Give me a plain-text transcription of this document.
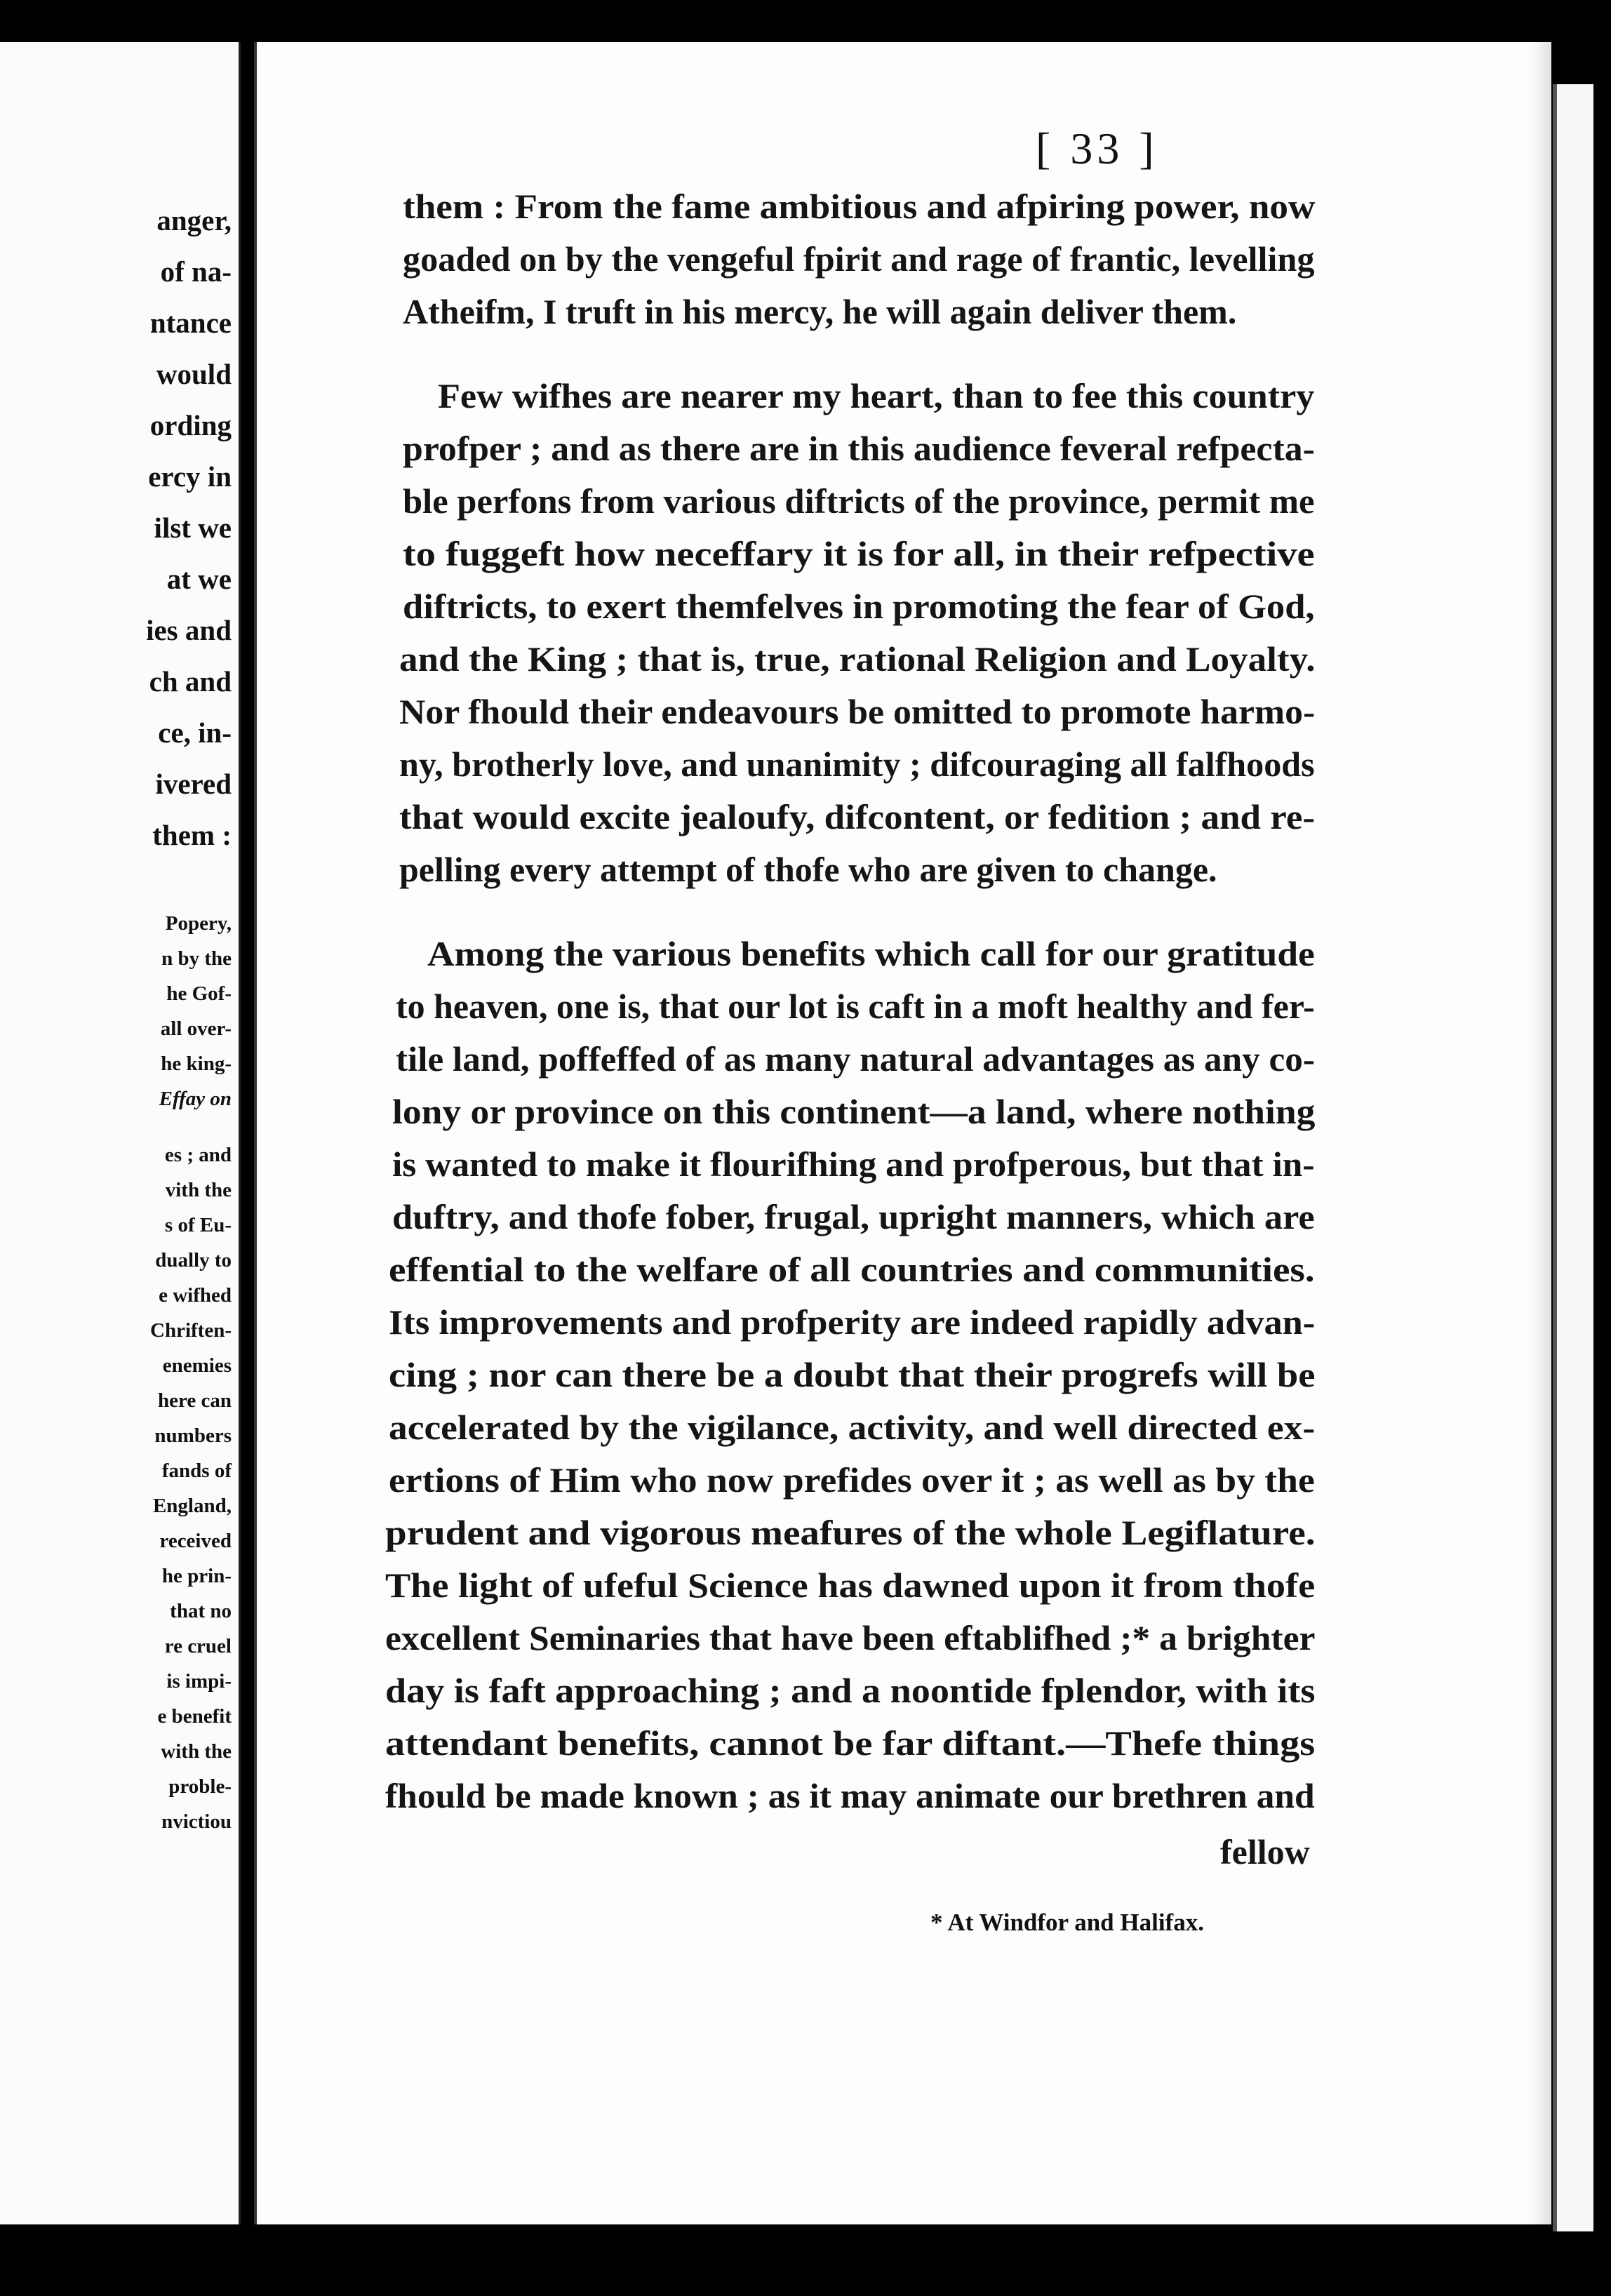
anger,
of na-
ntance
would
ording
ercy in
ilst we
at we
ies and
ch and
ce, in-
ivered
them :
Popery,
n by the
he Gof-
all over-
he king-
Effay on
es ; and
vith the
s of Eu-
dually to
e wifhed
Chriften-
enemies
here can
numbers
fands of
England,
received
he prin-
that no
re cruel
is impi-
e benefit
with the
proble-
nvictiou
[ 33 ]
* At Windfor and Halifax.
them : From the fame ambitious and afpiring power, now
goaded on by the vengeful fpirit and rage of frantic, levelling
Atheifm, I truft in his mercy, he will again deliver them.
Few wifhes are nearer my heart, than to fee this country
profper ; and as there are in this audience feveral refpecta-
ble perfons from various diftricts of the province, permit me
to fuggeft how neceffary it is for all, in their refpective
diftricts, to exert themfelves in promoting the fear of God,
and the King ; that is, true, rational Religion and Loyalty.
Nor fhould their endeavours be omitted to promote harmo-
ny, brotherly love, and unanimity ; difcouraging all falfhoods
that would excite jealoufy, difcontent, or fedition ; and re-
pelling every attempt of thofe who are given to change.
Among the various benefits which call for our gratitude
to heaven, one is, that our lot is caft in a moft healthy and fer-
tile land, poffeffed of as many natural advantages as any co-
lony or province on this continent—a land, where nothing
is wanted to make it flourifhing and profperous, but that in-
duftry, and thofe fober, frugal, upright manners, which are
effential to the welfare of all countries and communities.
Its improvements and profperity are indeed rapidly advan-
cing ; nor can there be a doubt that their progrefs will be
accelerated by the vigilance, activity, and well directed ex-
ertions of Him who now prefides over it ; as well as by the
prudent and vigorous meafures of the whole Legiflature.
The light of ufeful Science has dawned upon it from thofe
excellent Seminaries that have been eftablifhed ;* a brighter
day is faft approaching ; and a noontide fplendor, with its
attendant benefits, cannot be far diftant.—Thefe things
fhould be made known ; as it may animate our brethren and
fellow
